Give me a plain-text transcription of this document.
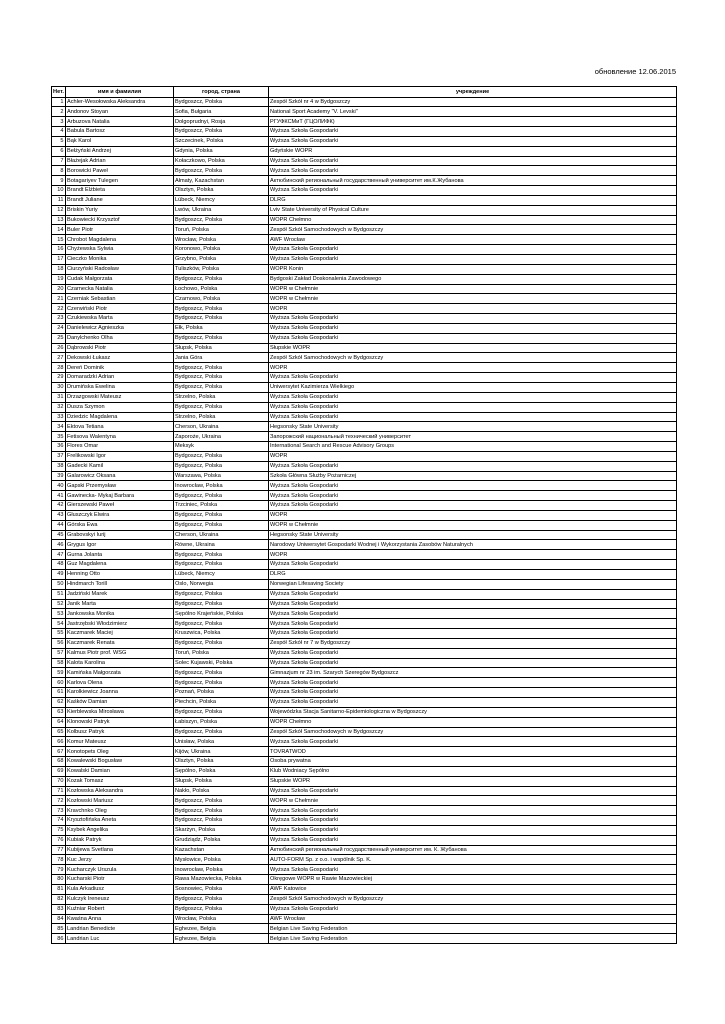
обновление 12.06.2015
Нет.	имя и фамилия	город, страна	учреждение
1	Achler-Wesołowska Aleksandra	Bydgoszcz, Polska	Zespół Szkół nr 4 w Bydgoszczy
2	Andonov Stoyan	Sofia, Bułgaria	National Sport Academy "V. Levski"
3	Arbuzova Natalia	Dolgoprudnyi, Rosja	РГУФКСМиТ (ГЦОЛИФК)
4	Babula Bartosz	Bydgoszcz, Polska	Wyższa Szkoła Gospodarki
5	Bąk Karol	Szczecinek, Polska	Wyższa Szkoła Gospodarki
6	Bełżyński Andrzej	Gdynia, Polska	Gdyńskie WOPR
7	Błażejak Adrian	Kołaczkowo, Polska	Wyższa Szkoła Gospodarki
8	Borowicki Paweł	Bydgoszcz, Polska	Wyższa Szkoła Gospodarki
9	Botagariyev Tulegen	Ałmaty, Kazachstan	Актюбинский региональный государственный университет им.К.Жубанова
10	Brandt Elżbieta	Olsztyn, Polska	Wyższa Szkoła Gospodarki
11	Brandt Juliane	Lübeck, Niemcy	DLRG
12	Briskin Yuriy	Lwów, Ukraina	Lviv State University of Physical Culture
13	Bukowiecki Krzysztof	Bydgoszcz, Polska	WOPR Chełmno
14	Buler Piotr	Toruń, Polska	Zespół Szkół Samochodowych w Bydgoszczy
15	Chrobot Magdalena	Wrocław, Polska	AWF Wrocław
16	Chyżewska Sylwia	Koronowo, Polska	Wyższa Szkoła Gospodarki
17	Cieczko Monika	Grzybno, Polska	Wyższa Szkoła Gospodarki
18	Ciurzyński Radosław	Tuliszków, Polska	WOPR Konin
19	Cudak Małgorzata	Bydgoszcz, Polska	Bydgoski Zakład Doskonalenia Zawodowego
20	Czarnecka Natalia	Łochowo, Polska	WOPR w Chełmnie
21	Czerniak Sebastian	Czarnowo, Polska	WOPR w Chełmnie
22	Czerwiński Piotr	Bydgoszcz, Polska	WOPR
23	Czukiewska Marta	Bydgoszcz, Polska	Wyższa Szkoła Gospodarki
24	Danielewicz Agnieszka	Ełk, Polska	Wyższa Szkoła Gospodarki
25	Danylchenko Olha	Bydgoszcz, Polska	Wyższa Szkoła Gospodarki
26	Dąbrowski Piotr	Słupsk, Polska	Słupskie WOPR
27	Dekowski Łukasz	Jania Góra	Zespół Szkół Samochodowych w Bydgoszczy
28	Dereń Dominik	Bydgoszcz, Polska	WOPR
29	Domaradzki Adrian	Bydgoszcz, Polska	Wyższa Szkoła Gospodarki
30	Drumińska Ewelina	Bydgoszcz, Polska	Uniwersytet Kazimierza Wielkiego
31	Drzazgowski Mateusz	Strzelno, Polska	Wyższa Szkoła Gospodarki
32	Dusza Szymon	Bydgoszcz, Polska	Wyższa Szkoła Gospodarki
33	Dziedzic Magdalena	Strzelno, Polska	Wyższa Szkoła Gospodarki
34	Ektova Tetiana	Cherson, Ukraina	Hegsonsky State University
35	Fetisova Walentyna	Zaporoże, Ukraina	Запорожский национальный технический университет
36	Flores Omar	Meksyk	International Search and Rescue Advisory Groups
37	Frelikowski Igor	Bydgoszcz, Polska	WOPR
38	Gadecki Kamil	Bydgoszcz, Polska	Wyższa Szkoła Gospodarki
39	Galarowicz Oksana	Warszawa, Polska	Szkoła Główna Służby Pożarniczej
40	Gapski Przemysław	Inowrocław, Polska	Wyższa Szkoła Gospodarki
41	Gawinecka- Mykaj Barbara	Bydgoszcz, Polska	Wyższa Szkoła Gospodarki
42	Gierszewski Paweł	Trzciniec, Polska	Wyższa Szkoła Gospodarki
43	Głuszczyk Elwira	Bydgoszcz, Polska	WOPR
44	Górska Ewa	Bydgoszcz, Polska	WOPR w Chełmnie
45	Grabovskyi Iurij	Cherson, Ukraina	Hegsonsky State University
46	Grygus Igor	Równe, Ukraina	Narodowy Uniwersytet Gospodarki Wodnej i Wykorzystania Zasobów Naturalnych
47	Gurna Jolanta	Bydgoszcz, Polska	WOPR
48	Guz Magdalena	Bydgoszcz, Polska	Wyższa Szkoła Gospodarki
49	Henning Otto	Lübeck, Niemcy	DLRG
50	Hindmarch Torill	Oslo, Norwegia	Norwegian Lifesaving Society
51	Jadziński Marek	Bydgoszcz, Polska	Wyższa Szkoła Gospodarki
52	Janik Marta	Bydgoszcz, Polska	Wyższa Szkoła Gospodarki
53	Jankowska Monika	Sępólno Krajeńskie, Polska	Wyższa Szkoła Gospodarki
54	Jastrzębski Włodzimierz	Bydgoszcz, Polska	Wyższa Szkoła Gospodarki
55	Kaczmarek Maciej	Kruszwica, Polska	Wyższa Szkoła Gospodarki
56	Kaczmarek Renata	Bydgoszcz, Polska	Zespół Szkół nr 7 w Bydgoszczy
57	Kalmus Piotr prof. WSG	Toruń, Polska	Wyższa Szkoła Gospodarki
58	Kalota Karolina	Solec Kujawski, Polska	Wyższa Szkoła Gospodarki
59	Kamińska Małgorzata	Bydgoszcz, Polska	Gimnazjum nr 23 im. Szarych Szeregów Bydgoszcz
60	Karlova Olena	Bydgoszcz, Polska	Wyższa Szkoła Gospodarki
61	Karolkiewicz Joanna	Poznań, Polska	Wyższa Szkoła Gospodarki
62	Kaśków Damian	Piechcin, Polska	Wyższa Szkoła Gospodarki
63	Kierblewska Mirosława	Bydgoszcz, Polska	Wojewódzka Stacja Sanitarno-Epidemiologiczna w Bydgoszczy
64	Klonowski Patryk	Łabiszyn, Polska	WOPR Chełmno
65	Kolbusz Patryk	Bydgoszcz, Polska	Zespół Szkół Samochodowych w Bydgoszczy
66	Komur Mateusz	Unisław, Polska	Wyższa Szkoła Gospodarki
67	Konotopets Oleg	Kijów, Ukraina	TOVRATWOD
68	Kowalewski Bogusław	Olsztyn, Polska	Osoba prywatna
69	Kowalski Damian	Sępólno, Polska	Klub Wodniacy Sępólno
70	Kozak Tomasz	Słupsk, Polska	Słupskie WOPR
71	Kozłowska Aleksandra	Nakło, Polska	Wyższa Szkoła Gospodarki
72	Kozłowski Mariusz	Bydgoszcz, Polska	WOPR w Chełmnie
73	Kravchnko Oleg	Bydgoszcz, Polska	Wyższa Szkoła Gospodarki
74	Krysztofińska Aneta	Bydgoszcz, Polska	Wyższa Szkoła Gospodarki
75	Ksybek Angelika	Skarżyn, Polska	Wyższa Szkoła Gospodarki
76	Kubiak Patryk	Grudziądz, Polska	Wyższa Szkoła Gospodarki
77	Kubijewa Svetlana	Kazachstan	Актюбинский региональный государственный университет им. К. Жубанова
78	Kuc Jerzy	Mysłowice, Polska	AUTO-FORM Sp. z o.o. i wspólnik Sp. K.
79	Kucharczyk Urszula	Inowrocław, Polska	Wyższa Szkoła Gospodarki
80	Kucharski Piotr	Rawa Mazowiecka, Polska	Okręgowe WOPR w Rawie Mazowieckiej
81	Kula Arkadiusz	Sosnowiec, Polska	AWF Katowice
82	Kulczyk Ireneusz	Bydgoszcz, Polska	Zespół Szkół Samochodowych w Bydgoszczy
83	Kuźniar Robert	Bydgoszcz, Polska	Wyższa Szkoła Gospodarki
84	Kwaśna Anna	Wrocław, Polska	AWF Wrocław
85	Landrian Benedicte	Eghezee, Belgia	Belgian Live Saving Federation
86	Landrian Luc	Eghezee, Belgia	Belgian Live Saving Federation
